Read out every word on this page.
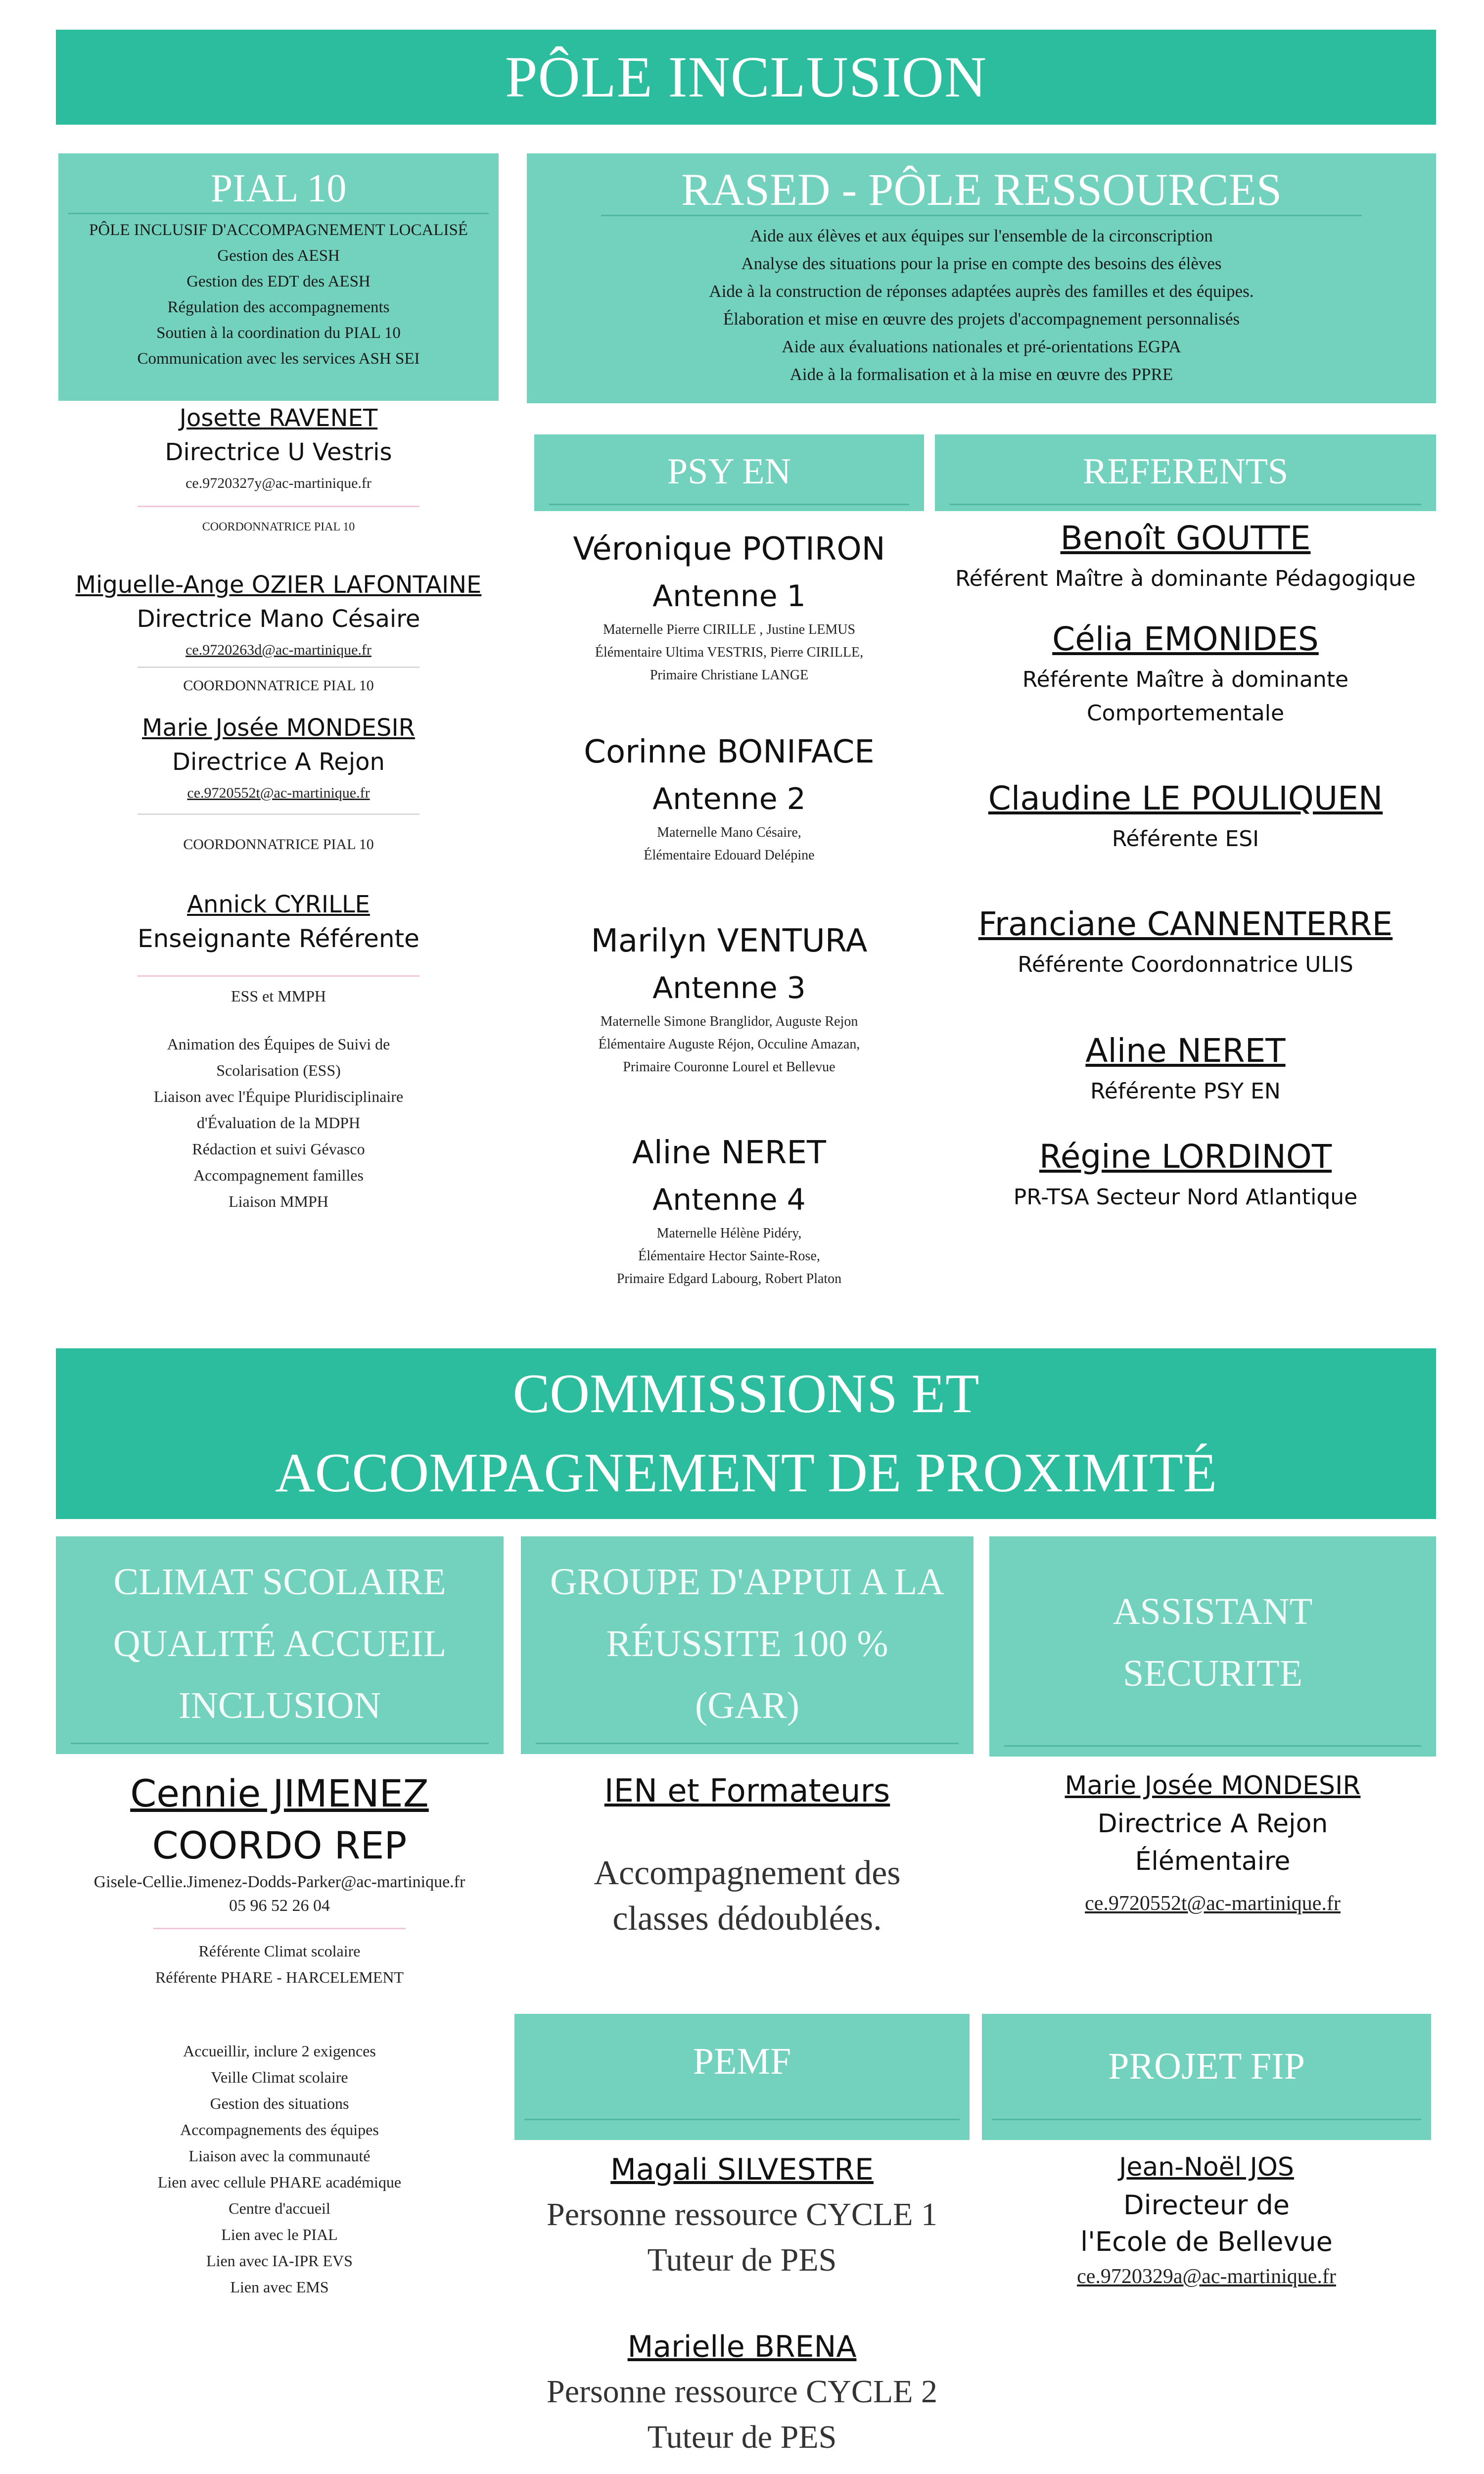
PÔLE INCLUSION
PIAL 10
PÔLE INCLUSIF D'ACCOMPAGNEMENT LOCALISÉ
Gestion des AESH
Gestion des EDT des AESH
Régulation des accompagnements
Soutien à la coordination du PIAL 10
Communication avec les services ASH SEI
Josette RAVENET
Directrice U Vestris
ce.9720327y@ac-martinique.fr
COORDONNATRICE PIAL 10
Miguelle-Ange OZIER LAFONTAINE
Directrice Mano Césaire
ce.9720263d@ac-martinique.fr
COORDONNATRICE PIAL 10
Marie Josée MONDESIR
Directrice A Rejon
ce.9720552t@ac-martinique.fr
COORDONNATRICE PIAL 10
Annick CYRILLE
Enseignante Référente
ESS et MMPH
Animation des Équipes de Suivi de
Scolarisation (ESS)
Liaison avec l'Équipe Pluridisciplinaire
d'Évaluation de la MDPH
Rédaction et suivi Gévasco
Accompagnement familles
Liaison MMPH
RASED - PÔLE RESSOURCES
Aide aux élèves et aux équipes sur l'ensemble de la circonscription
Analyse des situations pour la prise en compte des besoins des élèves
Aide à la construction de réponses adaptées auprès des familles et des équipes.
Élaboration et mise en œuvre des projets d'accompagnement personnalisés
Aide aux évaluations nationales et pré-orientations EGPA
Aide à la formalisation et à la mise en œuvre des PPRE
PSY EN
Véronique POTIRON
Antenne 1
Maternelle Pierre CIRILLE , Justine LEMUS
Élémentaire Ultima VESTRIS, Pierre CIRILLE,
Primaire Christiane LANGE
Corinne BONIFACE
Antenne 2
Maternelle Mano Césaire,
Élémentaire Edouard Delépine
Marilyn VENTURA
Antenne 3
Maternelle Simone Branglidor, Auguste Rejon
Élémentaire Auguste Réjon, Occuline Amazan,
Primaire Couronne Lourel et Bellevue
Aline NERET
Antenne 4
Maternelle Hélène Pidéry,
Élémentaire Hector Sainte-Rose,
Primaire Edgard Labourg, Robert Platon
REFERENTS
Benoît GOUTTE
Référent Maître à dominante Pédagogique
Célia EMONIDES
Référente Maître à dominante Comportementale
Claudine LE POULIQUEN
Référente ESI
Franciane CANNENTERRE
Référente Coordonnatrice ULIS
Aline NERET
Référente PSY EN
Régine LORDINOT
PR-TSA Secteur Nord Atlantique
COMMISSIONS ET
ACCOMPAGNEMENT DE PROXIMITÉ
CLIMAT SCOLAIRE
QUALITÉ ACCUEIL
INCLUSION
GROUPE D'APPUI A LA
RÉUSSITE 100 %
(GAR)
ASSISTANT
SECURITE
Cennie JIMENEZ
COORDO REP
Gisele-Cellie.Jimenez-Dodds-Parker@ac-martinique.fr
05 96 52 26 04
Référente Climat scolaire
Référente PHARE - HARCELEMENT
Accueillir, inclure 2 exigences
Veille Climat scolaire
Gestion des situations
Accompagnements des équipes
Liaison avec la communauté
Lien avec cellule PHARE académique
Centre d'accueil
Lien avec le PIAL
Lien avec IA-IPR EVS
Lien avec EMS
IEN et Formateurs
Accompagnement des
classes dédoublées.
Marie Josée MONDESIR
Directrice A Rejon
Élémentaire
ce.9720552t@ac-martinique.fr
PEMF	PROJET FIP
Magali SILVESTRE
Personne ressource CYCLE 1
Tuteur de PES
Marielle BRENA
Personne ressource CYCLE 2
Tuteur de PES
Jean-Noël JOS
Directeur de
l'Ecole de Bellevue
ce.9720329a@ac-martinique.fr
